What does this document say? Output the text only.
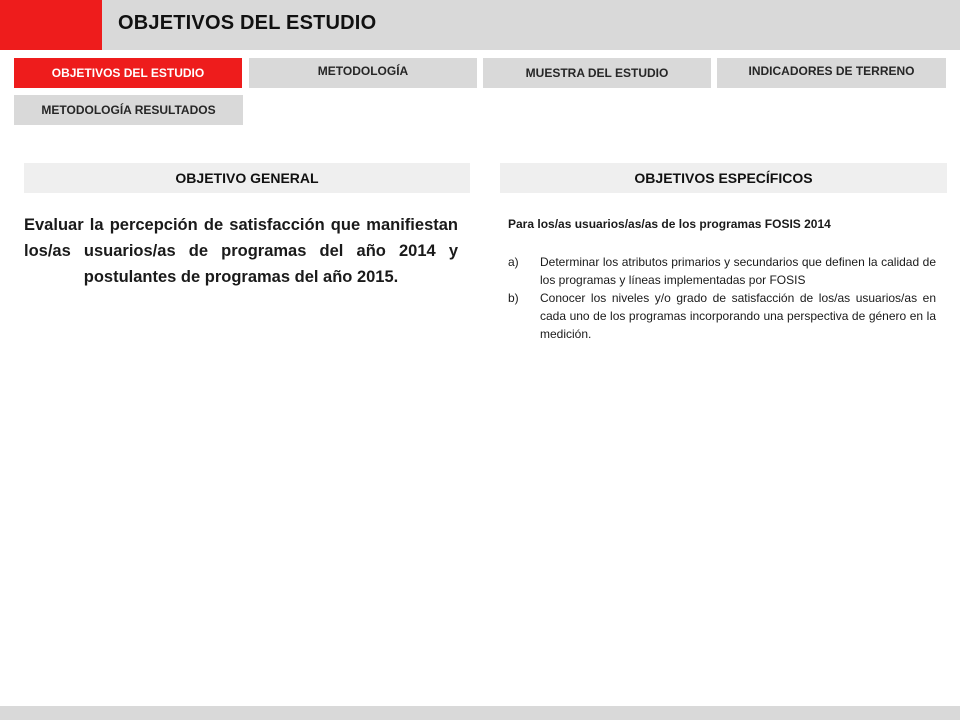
OBJETIVOS DEL ESTUDIO
OBJETIVOS DEL ESTUDIO	METODOLOGÍA	MUESTRA DEL ESTUDIO	INDICADORES DE TERRENO
METODOLOGÍA RESULTADOS
OBJETIVO GENERAL	OBJETIVOS ESPECÍFICOS
Evaluar la percepción de satisfacción que manifiestan los/as usuarios/as de programas del año 2014 y postulantes de programas del año 2015.
Para los/as usuarios/as/as de los programas FOSIS 2014
a)	Determinar los atributos primarios y secundarios que definen la calidad de los programas y líneas implementadas por FOSIS
b)	Conocer los niveles y/o grado de satisfacción de los/as usuarios/as en cada uno de los programas incorporando una perspectiva de género en la medición.
